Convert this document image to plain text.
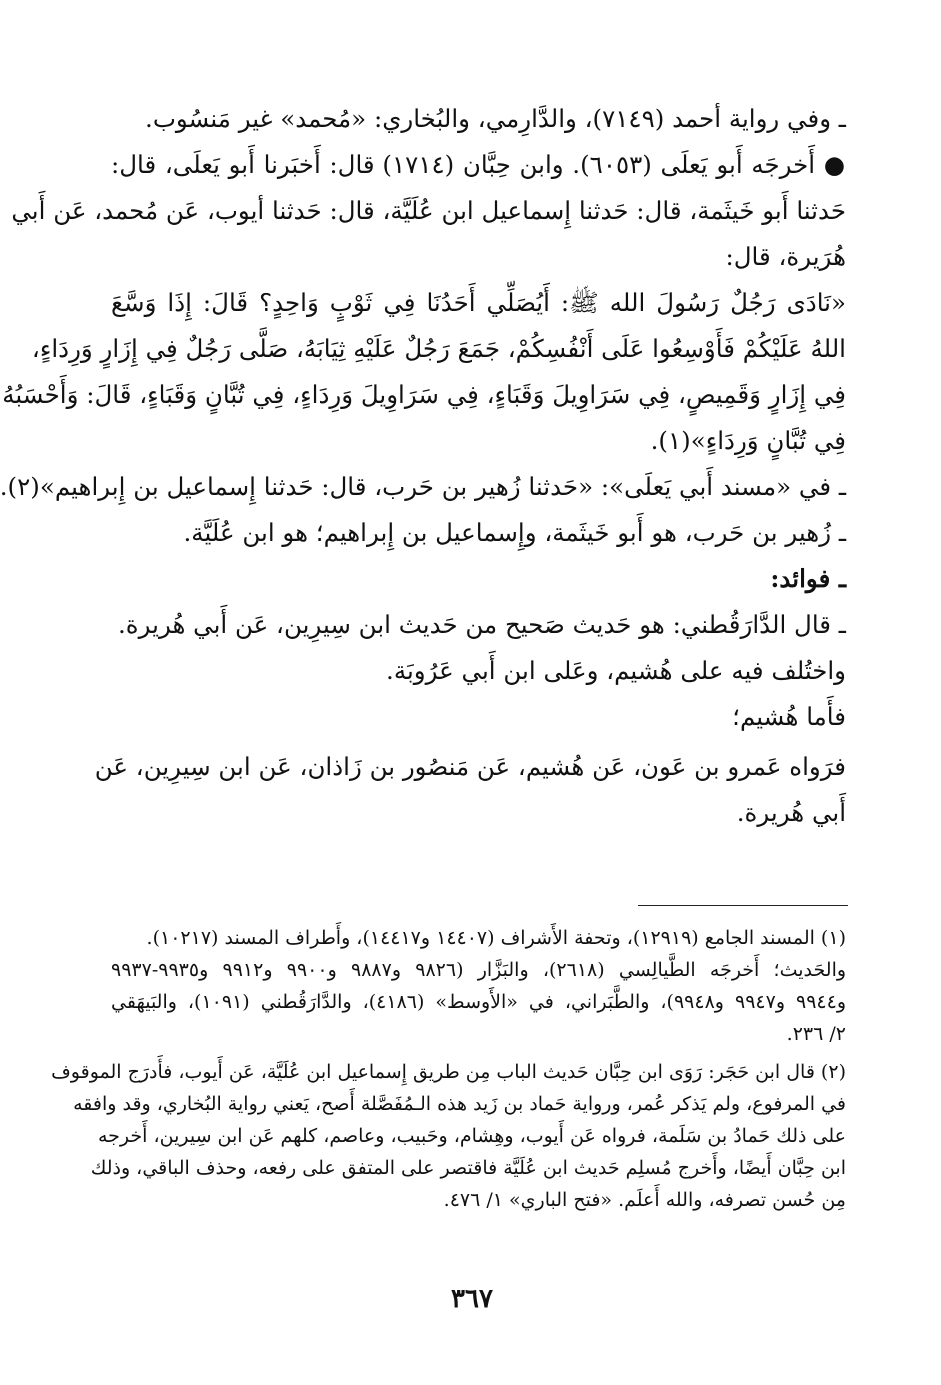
ـ وفي رواية أحمد (٧١٤٩)، والدَّارِمي، والبُخاري: «مُحمد» غير مَنسُوب.
● أَخرجَه أَبو يَعلَى (٦٠٥٣). وابن حِبَّان (١٧١٤) قال: أَخبَرنا أَبو يَعلَى، قال:
حَدثنا أَبو خَيثَمة، قال: حَدثنا إِسماعيل ابن عُلَيَّة، قال: حَدثنا أيوب، عَن مُحمد، عَن أَبي
هُرَيرة، قال:
«نَادَى رَجُلٌ رَسُولَ الله ﷺ: أَيُصَلِّي أَحَدُنَا فِي ثَوْبٍ وَاحِدٍ؟ قَالَ: إِذَا وَسَّعَ
اللهُ عَلَيْكُمْ فَأَوْسِعُوا عَلَى أَنْفُسِكُمْ، جَمَعَ رَجُلٌ عَلَيْهِ ثِيَابَهُ، صَلَّى رَجُلٌ فِي إِزَارٍ وَرِدَاءٍ،
فِي إِزَارٍ وَقَمِيصٍ، فِي سَرَاوِيلَ وَقَبَاءٍ، فِي سَرَاوِيلَ وَرِدَاءٍ، فِي تُبَّانٍ وَقَبَاءٍ، قَالَ: وَأَحْسَبُهُ
فِي تُبَّانٍ وَرِدَاءٍ»(١).
ـ في «مسند أَبي يَعلَى»: «حَدثنا زُهير بن حَرب، قال: حَدثنا إِسماعيل بن إِبراهيم»(٢).
ـ زُهير بن حَرب، هو أَبو خَيثَمة، وإِسماعيل بن إِبراهيم؛ هو ابن عُلَيَّة.
ـ فوائد:
ـ قال الدَّارَقُطني: هو حَديث صَحيح من حَديث ابن سِيرِين، عَن أَبي هُريرة.
واختُلف فيه على هُشيم، وعَلى ابن أَبي عَرُوبَة.
فأَما هُشيم؛
فرَواه عَمرو بن عَون، عَن هُشيم، عَن مَنصُور بن زَاذان، عَن ابن سِيرِين، عَن
أَبي هُريرة.
(١) المسند الجامع (١٢٩١٩)، وتحفة الأَشراف (١٤٤٠٧ و١٤٤١٧)، وأَطراف المسند (١٠٢١٧).
والحَديث؛ أَخرجَه الطَّيالِسي (٢٦١٨)، والبَزَّار (٩٨٢٦ و٩٨٨٧ و٩٩٠٠ و٩٩١٢ و٩٩٣٥-٩٩٣٧
و٩٩٤٤ و٩٩٤٧ و٩٩٤٨)، والطَّبَراني، في «الأَوسط» (٤١٨٦)، والدَّارَقُطني (١٠٩١)، والبَيهَقي
٢/ ٢٣٦.
(٢) قال ابن حَجَر: رَوَى ابن حِبَّان حَديث الباب مِن طريق إِسماعيل ابن عُلَيَّة، عَن أَيوب، فأَدرَج الموقوف
في المرفوع، ولم يَذكر عُمر، ورواية حَماد بن زَيد هذه الـمُفَصَّلة أَصح، يَعني رواية البُخاري، وقد وافقه
على ذلك حَمادُ بن سَلَمة، فرواه عَن أَيوب، وهِشام، وحَبيب، وعاصم، كلهم عَن ابن سِيرين، أَخرجه
ابن حِبَّان أَيضًا، وأَخرج مُسلِم حَديث ابن عُلَيَّة فاقتصر على المتفق على رفعه، وحذف الباقي، وذلك
مِن حُسن تصرفه، والله أَعلَم. «فتح الباري» ١/ ٤٧٦.
٣٦٧
